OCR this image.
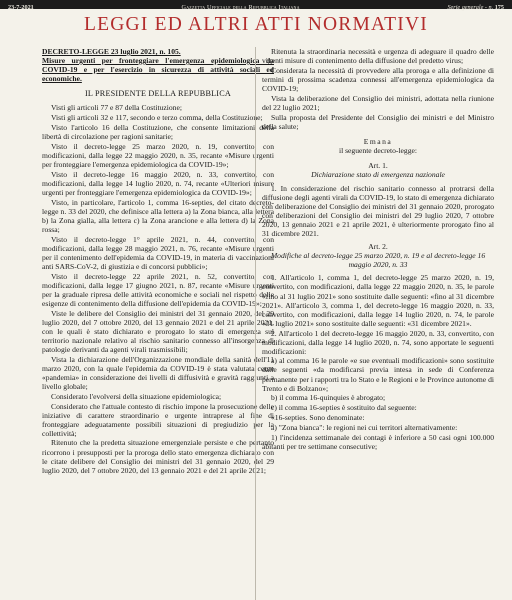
23-7-2021	Gazzetta Ufficiale della Repubblica Italiana	Serie generale - n. 175
LEGGI ED ALTRI ATTI NORMATIVI

DECRETO-LEGGE 23 luglio 2021, n. 105.

Misure urgenti per fronteggiare l'emergenza epidemiologica da COVID-19 e per l'esercizio in sicurezza di attività sociali ed economiche.

IL PRESIDENTE DELLA REPUBBLICA

Visti gli articoli 77 e 87 della Costituzione;

Visti gli articoli 32 e 117, secondo e terzo comma, della Costituzione;

Visto l'articolo 16 della Costituzione, che consente limitazioni della libertà di circolazione per ragioni sanitarie;

Visto il decreto-legge 25 marzo 2020, n. 19, convertito, con modificazioni, dalla legge 22 maggio 2020, n. 35, recante «Misure urgenti per fronteggiare l'emergenza epidemiologica da COVID-19»;

Visto il decreto-legge 16 maggio 2020, n. 33, convertito, con modificazioni, dalla legge 14 luglio 2020, n. 74, recante «Ulteriori misure urgenti per fronteggiare l'emergenza epidemiologica da COVID-19»;

Visto, in particolare, l'articolo 1, comma 16-septies, del citato decreto-legge n. 33 del 2020, che definisce alla lettera a) la Zona bianca, alla lettera b) la Zona gialla, alla lettera c) la Zona arancione e alla lettera d) la Zona rossa;

Visto il decreto-legge 1° aprile 2021, n. 44, convertito, con modificazioni, dalla legge 28 maggio 2021, n. 76, recante «Misure urgenti per il contenimento dell'epidemia da COVID-19, in materia di vaccinazioni anti SARS-CoV-2, di giustizia e di concorsi pubblici»;

Visto il decreto-legge 22 aprile 2021, n. 52, convertito, con modificazioni, dalla legge 17 giugno 2021, n. 87, recante «Misure urgenti per la graduale ripresa delle attività economiche e sociali nel rispetto delle esigenze di contenimento della diffusione dell'epidemia da COVID-19»;

Viste le delibere del Consiglio dei ministri del 31 gennaio 2020, del 29 luglio 2020, del 7 ottobre 2020, del 13 gennaio 2021 e del 21 aprile 2021, con le quali è stato dichiarato e prorogato lo stato di emergenza sul territorio nazionale relativo al rischio sanitario connesso all'insorgenza di patologie derivanti da agenti virali trasmissibili;

Vista la dichiarazione dell'Organizzazione mondiale della sanità dell'11 marzo 2020, con la quale l'epidemia da COVID-19 è stata valutata come «pandemia» in considerazione dei livelli di diffusività e gravità raggiunti a livello globale;

Considerato l'evolversi della situazione epidemiologica;

Considerato che l'attuale contesto di rischio impone la prosecuzione delle iniziative di carattere straordinario e urgente intraprese al fine di fronteggiare adeguatamente possibili situazioni di pregiudizio per la collettività;

Ritenuto che la predetta situazione emergenziale persiste e che pertanto ricorrono i presupposti per la proroga dello stato emergenza dichiarato con le citate delibere del Consiglio dei ministri del 31 gennaio 2020, del 29 luglio 2020, del 7 ottobre 2020, del 13 gennaio 2021 e del 21 aprile 2021;

Ritenuta la straordinaria necessità e urgenza di adeguare il quadro delle vigenti misure di contenimento della diffusione del predetto virus;

Considerata la necessità di provvedere alla proroga e alla definizione di termini di prossima scadenza connessi all'emergenza epidemiologica da COVID-19;

Vista la deliberazione del Consiglio dei ministri, adottata nella riunione del 22 luglio 2021;

Sulla proposta del Presidente del Consiglio dei ministri e del Ministro della salute;

Emana

il seguente decreto-legge:

Art. 1.

Dichiarazione stato di emergenza nazionale

1. In considerazione del rischio sanitario connesso al protrarsi della diffusione degli agenti virali da COVID-19, lo stato di emergenza dichiarato con deliberazione del Consiglio dei ministri del 31 gennaio 2020, prorogato con deliberazioni del Consiglio dei ministri del 29 luglio 2020, 7 ottobre 2020, 13 gennaio 2021 e 21 aprile 2021, è ulteriormente prorogato fino al 31 dicembre 2021.

Art. 2.

Modifiche al decreto-legge 25 marzo 2020, n. 19 e al decreto-legge 16 maggio 2020, n. 33

1. All'articolo 1, comma 1, del decreto-legge 25 marzo 2020, n. 19, convertito, con modificazioni, dalla legge 22 maggio 2020, n. 35, le parole «fino al 31 luglio 2021» sono sostituite dalle seguenti: «fino al 31 dicembre 2021». All'articolo 3, comma 1, del decreto-legge 16 maggio 2020, n. 33, convertito, con modificazioni, dalla legge 14 luglio 2020, n. 74, le parole «31 luglio 2021» sono sostituite dalle seguenti: «31 dicembre 2021».

2. All'articolo 1 del decreto-legge 16 maggio 2020, n. 33, convertito, con modificazioni, dalla legge 14 luglio 2020, n. 74, sono apportate le seguenti modificazioni:

a) al comma 16 le parole «e sue eventuali modificazioni» sono sostituite dalle seguenti «da modificarsi previa intesa in sede di Conferenza permanente per i rapporti tra lo Stato e le Regioni e le Province autonome di Trento e di Bolzano»;

b) il comma 16-quinquies è abrogato;

c) il comma 16-septies è sostituito dal seguente:

«16-septies. Sono denominate:

a) "Zona bianca": le regioni nei cui territori alternativamente:

1) l'incidenza settimanale dei contagi è inferiore a 50 casi ogni 100.000 abitanti per tre settimane consecutive;
